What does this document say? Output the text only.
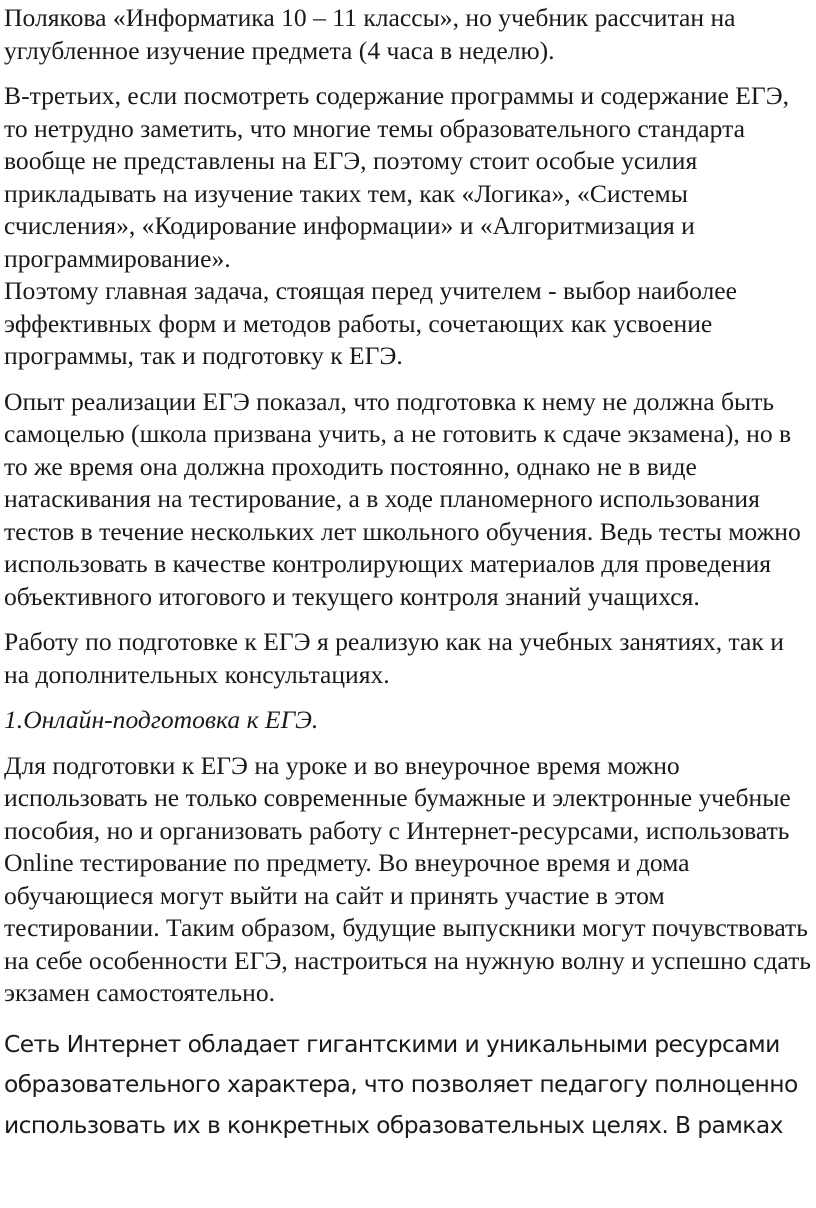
Полякова «Информатика 10 – 11 классы», но учебник рассчитан на углубленное изучение предмета (4 часа в неделю).

В-третьих, если посмотреть содержание программы и содержание ЕГЭ, то нетрудно заметить, что многие темы образовательного стандарта вообще не представлены на ЕГЭ, поэтому стоит особые усилия прикладывать на изучение таких тем, как «Логика», «Системы счисления», «Кодирование информации» и «Алгоритмизация и программирование».

Поэтому главная задача, стоящая перед учителем - выбор наиболее эффективных форм и методов работы, сочетающих как усвоение программы, так и подготовку к ЕГЭ.

Опыт реализации ЕГЭ показал, что подготовка к нему не должна быть самоцелью (школа призвана учить, а не готовить к сдаче экзамена), но в то же время она должна проходить постоянно, однако не в виде натаскивания на тестирование, а в ходе планомерного использования тестов в течение нескольких лет школьного обучения. Ведь тесты можно использовать в качестве контролирующих материалов для проведения объективного итогового и текущего контроля знаний учащихся.

Работу по подготовке к ЕГЭ я реализую как на учебных занятиях, так и на дополнительных консультациях.

1.Онлайн-подготовка к ЕГЭ.

Для подготовки к ЕГЭ на уроке и во внеурочное время можно использовать не только современные бумажные и электронные учебные пособия, но и организовать работу с Интернет-ресурсами, использовать Online тестирование по предмету. Во внеурочное время и дома обучающиеся могут выйти на сайт и принять участие в этом тестировании. Таким образом, будущие выпускники могут почувствовать на себе особенности ЕГЭ, настроиться на нужную волну и успешно сдать экзамен самостоятельно.

Сеть Интернет обладает гигантскими и уникальными ресурсами образовательного характера, что позволяет педагогу полноценно использовать их в конкретных образовательных целях. В рамках
